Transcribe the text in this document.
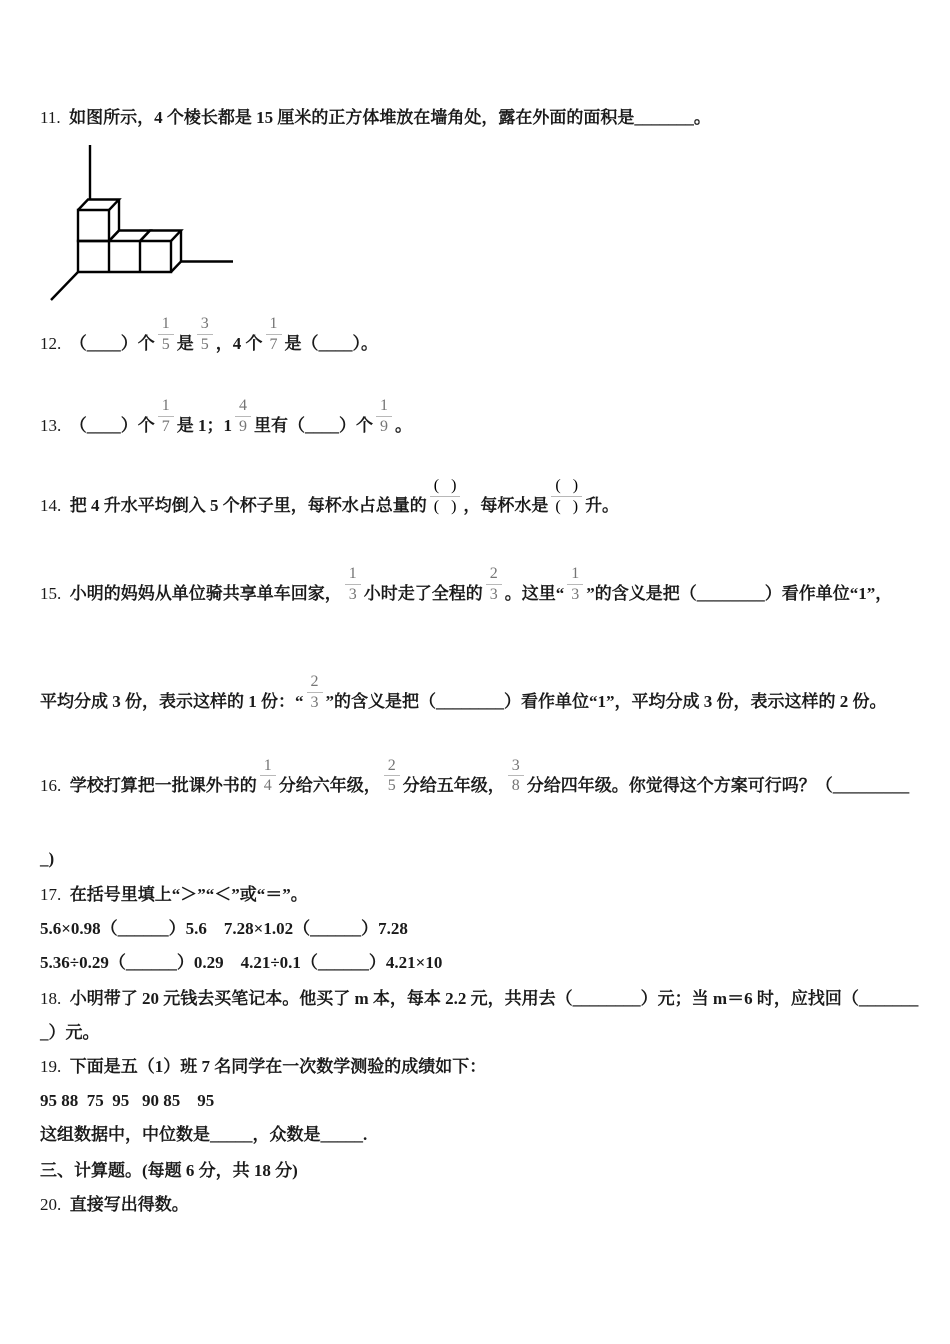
11. 如图所示，4 个棱长都是 15 厘米的正方体堆放在墙角处，露在外面的面积是_______。
12. （____）个 $\frac{1}{5}$ 是 $\frac{3}{5}$ ，4 个 $\frac{1}{7}$ 是（____）。
13. （____）个 $\frac{1}{7}$ 是 1；$1 \frac{4}{9}$ 里有（____）个 $\frac{1}{9}$ 。
14. 把 4 升水平均倒入 5 个杯子里，每杯水占总量的 $\frac{( )}{( )}$ ，每杯水是 $\frac{( )}{( )}$ 升。
15. 小明的妈妈从单位骑共享单车回家， $\frac{1}{3}$ 小时走了全程的 $\frac{2}{3}$ 。这里“ $\frac{1}{3}$ ”的含义是把（________）看作单位“1”，
平均分成 3 份，表示这样的 1 份：“ $\frac{2}{3}$ ”的含义是把（________）看作单位“1”，平均分成 3 份，表示这样的 2 份。
16. 学校打算把一批课外书的 $\frac{1}{4}$ 分给六年级， $\frac{2}{5}$ 分给五年级， $\frac{3}{8}$ 分给四年级。你觉得这个方案可行吗？（_________
_)
17. 在括号里填上“＞”“＜”或“＝”。
5.6×0.98（______）5.6 7.28×1.02（______）7.28
5.36÷0.29（______）0.29 4.21÷0.1（______）4.21×10
18. 小明带了 20 元钱去买笔记本。他买了 m 本，每本 2.2 元，共用去（________）元；当 m＝6 时，应找回（_______
_）元。
19. 下面是五（1）班 7 名同学在一次数学测验的成绩如下：
95 88  75  95   90 85    95
这组数据中，中位数是_____，众数是_____.
三、计算题。(每题 6 分，共 18 分)
20. 直接写出得数。
